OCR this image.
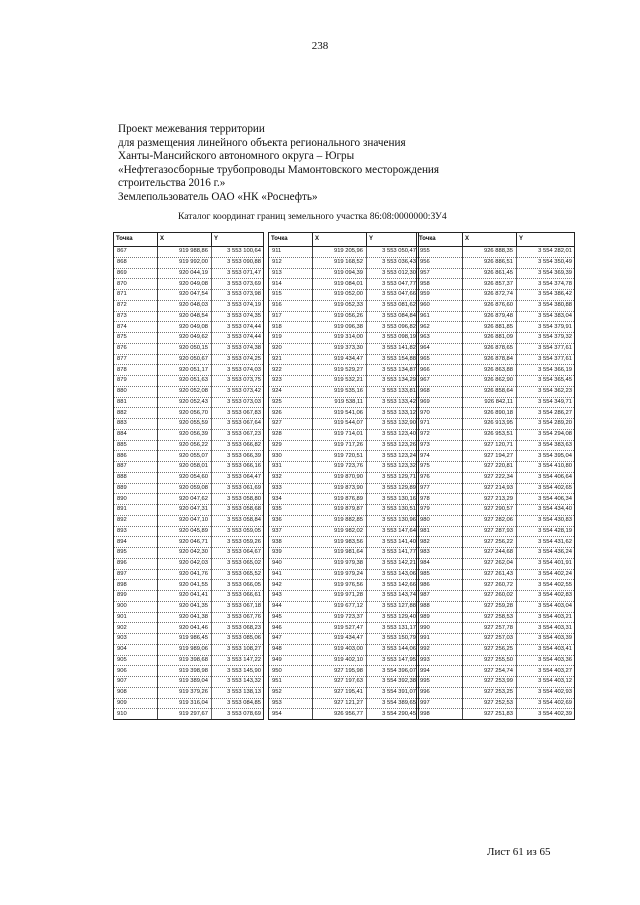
238
Проект межевания территории
для размещения линейного объекта регионального значения
Ханты-Мансийского автономного округа – Югры
«Нефтегазосборные трубопроводы Мамонтовского месторождения
строительства 2016 г.»
Землепользователь ОАО «НК «Роснефть»
Каталог координат границ земельного участка 86:08:0000000:ЗУ4
Точка	X	Y
867	919 988,86	3 553 100,64
868	919 992,00	3 553 090,88
869	920 044,19	3 553 071,47
870	920 049,08	3 553 073,69
871	920 047,54	3 553 073,98
872	920 048,03	3 553 074,19
873	920 048,54	3 553 074,35
874	920 049,08	3 553 074,44
875	920 049,62	3 553 074,44
876	920 050,15	3 553 074,38
877	920 050,67	3 553 074,25
878	920 051,17	3 553 074,03
879	920 051,63	3 553 073,75
880	920 052,08	3 553 073,42
881	920 052,43	3 553 073,03
882	920 056,70	3 553 067,83
883	920 055,59	3 553 067,64
884	920 056,39	3 553 067,23
885	920 056,22	3 553 066,82
886	920 055,07	3 553 066,39
887	920 058,01	3 553 066,16
888	920 054,60	3 553 064,47
889	920 059,08	3 553 061,69
890	920 047,62	3 553 058,80
891	920 047,31	3 553 058,68
892	920 047,10	3 553 058,84
893	920 045,89	3 553 059,05
894	920 046,71	3 553 059,26
895	920 042,30	3 553 064,67
896	920 042,03	3 553 065,02
897	920 041,76	3 553 065,52
898	920 041,55	3 553 066,05
899	920 041,41	3 553 066,61
900	920 041,35	3 553 067,18
901	920 041,38	3 553 067,76
902	920 041,46	3 553 068,23
903	919 986,45	3 553 085,06
904	919 989,06	3 553 108,27
905	919 398,68	3 553 147,22
906	919 398,98	3 553 145,90
907	919 389,04	3 553 143,32
908	919 379,26	3 553 138,13
909	919 316,04	3 553 084,85
910	919 297,67	3 553 078,69
Точка	X	Y
911	919 205,96	3 553 050,47
912	919 168,52	3 553 036,43
913	919 094,39	3 553 012,30
914	919 084,01	3 553 047,77
915	919 052,00	3 553 047,66
916	919 052,33	3 553 081,62
917	919 056,26	3 553 084,84
918	919 096,38	3 553 096,82
919	919 314,00	3 553 098,19
920	919 373,30	3 553 141,82
921	919 434,47	3 553 154,88
922	919 529,27	3 553 134,87
923	919 532,21	3 553 134,29
924	919 535,16	3 553 133,81
925	919 538,11	3 553 133,42
926	919 541,06	3 553 133,12
927	919 544,07	3 553 132,90
928	919 714,01	3 553 123,40
929	919 717,26	3 553 123,26
930	919 720,51	3 553 123,24
931	919 723,76	3 553 123,32
932	919 870,90	3 553 129,71
933	919 873,90	3 553 129,89
934	919 876,89	3 553 130,16
935	919 879,87	3 553 130,51
936	919 882,85	3 553 130,96
937	919 982,02	3 553 147,64
938	919 983,56	3 553 141,40
939	919 981,64	3 553 141,77
940	919 979,38	3 553 142,21
941	919 979,24	3 553 143,06
942	919 976,56	3 553 142,66
943	919 971,28	3 553 143,74
944	919 677,12	3 553 127,88
945	919 723,37	3 553 129,40
946	919 527,47	3 553 131,17
947	919 434,47	3 553 150,79
948	919 403,00	3 553 144,06
949	919 402,10	3 553 147,95
950	927 195,98	3 554 396,07
951	927 197,63	3 554 392,38
952	927 195,41	3 554 391,07
953	927 121,27	3 554 389,65
954	926 956,77	3 554 290,45
Точка	X	Y
955	926 888,35	3 554 282,01
956	926 886,51	3 554 350,49
957	926 861,45	3 554 369,39
958	926 857,37	3 554 374,78
959	926 872,74	3 554 386,42
960	926 876,60	3 554 380,88
961	926 879,48	3 554 383,04
962	926 881,85	3 554 379,91
963	926 881,09	3 554 379,32
964	926 878,65	3 554 377,61
965	926 878,84	3 554 377,61
966	926 863,88	3 554 366,19
967	926 862,90	3 554 365,45
968	926 858,64	3 554 362,23
969	926 842,11	3 554 349,71
970	926 890,18	3 554 286,27
971	926 913,95	3 554 289,20
972	926 953,51	3 554 294,08
973	927 120,71	3 554 383,63
974	927 194,27	3 554 395,04
975	927 220,81	3 554 410,80
976	927 222,34	3 554 406,64
977	927 214,93	3 554 402,65
978	927 213,29	3 554 406,34
979	927 290,57	3 554 434,40
980	927 282,06	3 554 430,83
981	927 287,93	3 554 428,19
982	927 256,22	3 554 431,62
983	927 244,68	3 554 436,24
984	927 262,04	3 554 401,91
985	927 261,43	3 554 402,24
986	927 260,72	3 554 402,55
987	927 260,02	3 554 402,83
988	927 259,28	3 554 403,04
989	927 258,53	3 554 403,21
990	927 257,78	3 554 403,31
991	927 257,03	3 554 403,39
992	927 256,25	3 554 403,41
993	927 255,50	3 554 403,36
994	927 254,74	3 554 403,27
995	927 253,99	3 554 403,12
996	927 253,25	3 554 402,93
997	927 252,53	3 554 402,69
998	927 251,83	3 554 402,39
Лист 61 из 65
